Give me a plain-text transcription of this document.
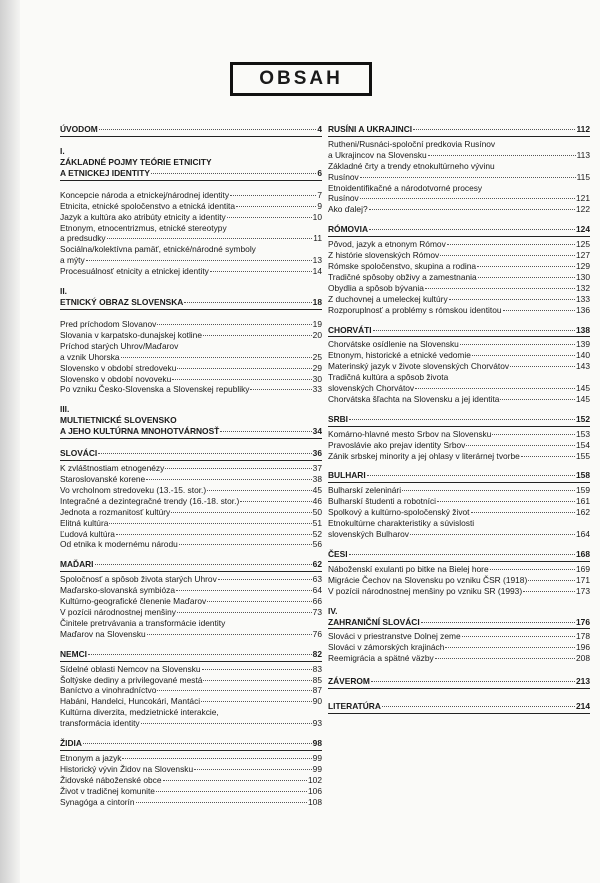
OBSAH
ÚVODOM	4
I.
ZÁKLADNÉ POJMY TEÓRIE ETNICITY
A ETNICKEJ IDENTITY	6
Koncepcie národa a etnickej/národnej identity	7
Etnicita, etnické spoločenstvo a etnická identita	9
Jazyk a kultúra ako atribúty etnicity a identity	10
Etnonym, etnocentrizmus, etnické stereotypy
a predsudky	11
Sociálna/kolektívna pamäť, etnické/národné symboly
a mýty	13
Procesuálnosť etnicity a etnickej identity	14
II.
ETNICKÝ OBRAZ SLOVENSKA	18
Pred príchodom Slovanov	19
Slovania v karpatsko-dunajskej kotline	20
Príchod starých Uhrov/Maďarov
a vznik Uhorska	25
Slovensko v období stredoveku	29
Slovensko v období novoveku	30
Po vzniku Česko-Slovenska a Slovenskej republiky	33
III.
MULTIETNICKÉ SLOVENSKO
A JEHO KULTÚRNA MNOHOTVÁRNOSŤ	34
SLOVÁCI	36
K zvláštnostiam etnogenézy	37
Staroslovanské korene	38
Vo vrcholnom stredoveku (13.-15. stor.)	45
Integračné a dezintegračné trendy (16.-18. stor.)	46
Jednota a rozmanitosť kultúry	50
Elitná kultúra	51
Ľudová kultúra	52
Od etnika k modernému národu	56
MAĎARI	62
Spoločnosť a spôsob života starých Uhrov	63
Maďarsko-slovanská symbióza	64
Kultúrno-geografické členenie Maďarov	66
V pozícii národnostnej menšiny	73
Činitele pretrvávania a transformácie identity
Maďarov na Slovensku	76
NEMCI	82
Sídelné oblasti Nemcov na Slovensku	83
Šoltýske dediny a privilegované mestá	85
Baníctvo a vinohradníctvo	87
Habáni, Handelci, Huncokári, Mantáci	90
Kultúrna diverzita, medzietnické interakcie,
transformácia identity	93
ŽIDIA	98
Etnonym a jazyk	99
Historický vývin Židov na Slovensku	99
Židovské náboženské obce	102
Život v tradičnej komunite	106
Synagóga a cintorín	108
RUSÍNI A UKRAJINCI	112
Rutheni/Rusnáci-spoloční predkovia Rusínov
a Ukrajincov na Slovensku	113
Základné črty a trendy etnokultúrneho vývinu
Rusínov	115
Etnoidentifikačné a národotvorné procesy
Rusínov	121
Ako ďalej?	122
RÓMOVIA	124
Pôvod, jazyk a etnonym Rómov	125
Z histórie slovenských Rómov	127
Rómske spoločenstvo, skupina a rodina	129
Tradičné spôsoby obživy a zamestnania	130
Obydlia a spôsob bývania	132
Z duchovnej a umeleckej kultúry	133
Rozporuplnosť a problémy s rómskou identitou	136
CHORVÁTI	138
Chorvátske osídlenie na Slovensku	139
Etnonym, historické a etnické vedomie	140
Materinský jazyk v živote slovenských Chorvátov	143
Tradičná kultúra a spôsob života
slovenských Chorvátov	145
Chorvátska šľachta na Slovensku a jej identita	145
SRBI	152
Komárno-hlavné mesto Srbov na Slovensku	153
Pravoslávie ako prejav identity Srbov	154
Zánik srbskej minority a jej ohlasy v literárnej tvorbe	155
BULHARI	158
Bulharskí zeleninári	159
Bulharskí študenti a robotníci	161
Spolkový a kultúrno-spoločenský život	162
Etnokultúrne charakteristiky a súvislosti
slovenských Bulharov	164
ČESI	168
Náboženskí exulanti po bitke na Bielej hore	169
Migrácie Čechov na Slovensku po vzniku ČSR (1918)	171
V pozícii národnostnej menšiny po vzniku SR (1993)	173
IV.
ZAHRANIČNÍ SLOVÁCI	176
Slováci v priestranstve Dolnej zeme	178
Slováci v zámorských krajinách	196
Reemigrácia a spätné väzby	208
ZÁVEROM	213
LITERATÚRA	214
